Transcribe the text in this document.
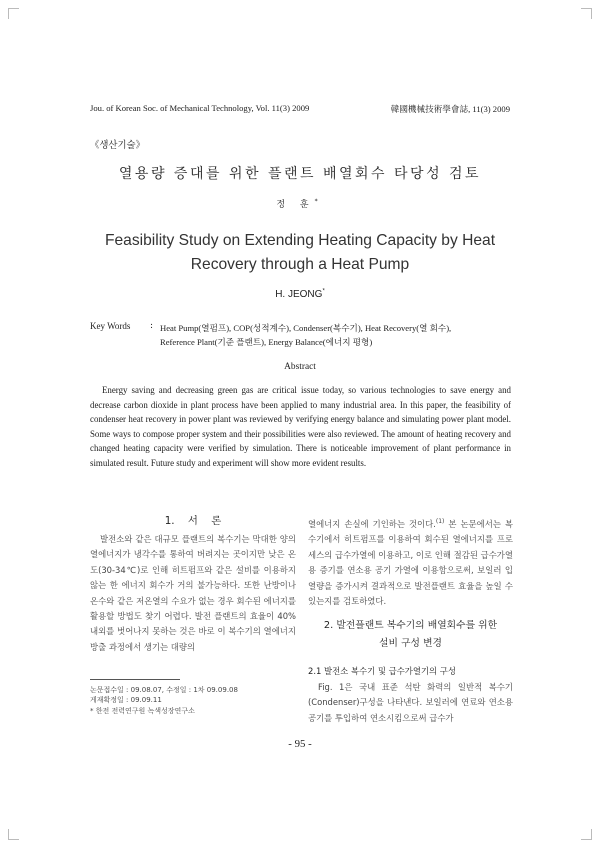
Jou. of Korean Soc. of Mechanical Technology, Vol. 11(3) 2009	韓國機械技術學會誌, 11(3) 2009
《생산기술》
열용량 증대를 위한 플랜트 배열회수 타당성 검토
정 훈*
Feasibility Study on Extending Heating Capacity by Heat
Recovery through a Heat Pump
H. JEONG*
Key Words : Heat Pump(열펌프), COP(성적계수), Condenser(복수기), Heat Recovery(열 회수),
Reference Plant(기준 플랜트), Energy Balance(에너지 평형)
Abstract
Energy saving and decreasing green gas are critical issue today, so various technologies to save energy and decrease carbon dioxide in plant process have been applied to many industrial area. In this paper, the feasibility of condenser heat recovery in power plant was reviewed by verifying energy balance and simulating power plant model. Some ways to compose proper system and their possibilities were also reviewed. The amount of heating recovery and changed heating capacity were verified by simulation. There is noticeable improvement of plant performance in simulated result. Future study and experiment will show more evident results.
1. 서 론
발전소와 같은 대규모 플랜트의 복수기는 막대한 양의 열에너지가 냉각수를 통하여 버려지는 곳이지만 낮은 온도(30-34℃)로 인해 히트펌프와 같은 설비를 이용하지 않는 한 에너지 회수가 거의 불가능하다. 또한 난방이나 온수와 같은 저온열의 수요가 없는 경우 회수된 에너지를 활용할 방법도 찾기 어렵다. 발전 플랜트의 효율이 40% 내외를 벗어나지 못하는 것은 바로 이 복수기의 열에너지 방출 과정에서 생기는 대량의
열에너지 손실에 기인하는 것이다.$^{(1)}$ 본 논문에서는 복수기에서 히트펌프를 이용하여 회수된 열에너지를 프로세스의 급수가열에 이용하고, 이로 인해 절감된 급수가열용 증기를 연소용 공기 가열에 이용함으로써, 보일러 입열량을 증가시켜 결과적으로 발전플랜트 효율을 높일 수 있는지를 검토하였다.
2. 발전플랜트 복수기의 배열회수를 위한
설비 구성 변경
2.1 발전소 복수기 및 급수가열기의 구성
Fig. 1은 국내 표준 석탄 화력의 일반적 복수기(Condenser)구성을 나타낸다. 보일러에 연료와 연소용 공기를 투입하여 연소시킴으로써 급수가
논문접수일 : 09.08.07, 수정일 : 1차 09.09.08
게재확정일 : 09.09.11
* 한전 전력연구원 녹색성장연구소
- 95 -
